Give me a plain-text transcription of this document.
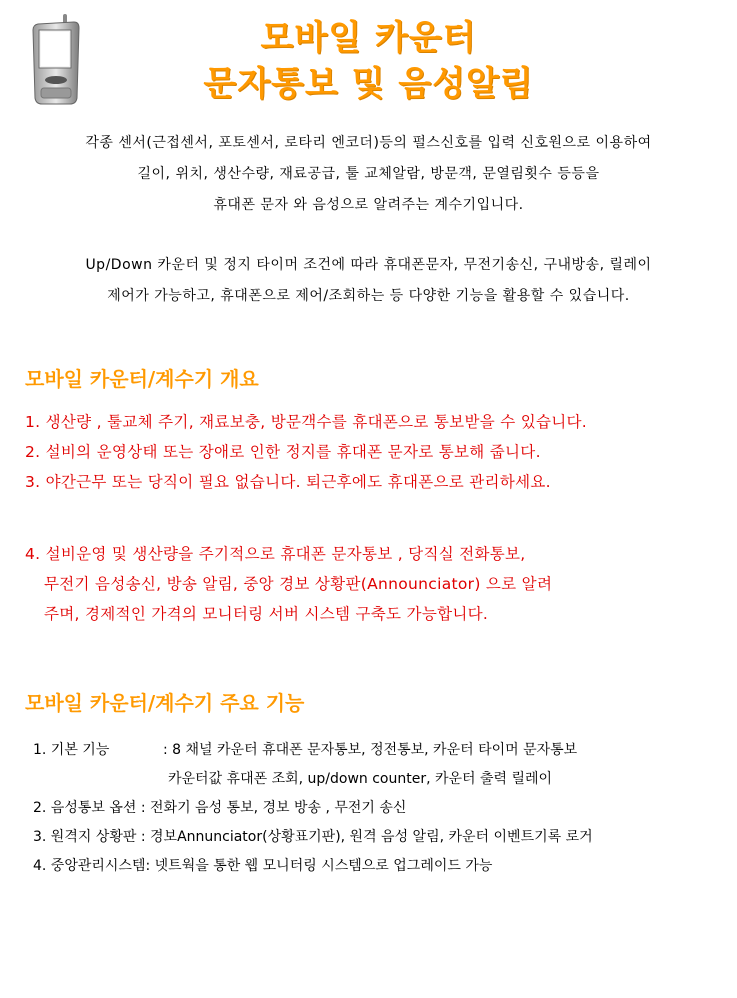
모바일 카운터
문자통보 및 음성알림
각종 센서(근접센서, 포토센서, 로타리 엔코더)등의 펄스신호를 입력 신호원으로 이용하여
길이, 위치, 생산수량, 재료공급, 툴 교체알람, 방문객, 문열림횟수 등등을
휴대폰 문자 와 음성으로 알려주는 계수기입니다.
Up/Down 카운터 및 정지 타이머 조건에 따라 휴대폰문자, 무전기송신, 구내방송, 릴레이
제어가 가능하고, 휴대폰으로 제어/조회하는 등 다양한 기능을 활용할 수 있습니다.
모바일 카운터/계수기 개요
1. 생산량 , 툴교체 주기, 재료보충, 방문객수를 휴대폰으로 통보받을 수 있습니다.
2. 설비의 운영상태 또는 장애로 인한 정지를 휴대폰 문자로 통보해 줍니다.
3. 야간근무 또는 당직이 필요 없습니다. 퇴근후에도 휴대폰으로 관리하세요.
4. 설비운영 및 생산량을 주기적으로 휴대폰 문자통보 , 당직실 전화통보,
무전기 음성송신, 방송 알림, 중앙 경보 상황판(Announciator) 으로 알려
주며, 경제적인 가격의 모니터링 서버 시스템 구축도 가능합니다.
모바일 카운터/계수기 주요 기능
1. 기본 기능	: 8 채널 카운터 휴대폰 문자통보, 정전통보, 카운터 타이머 문자통보
카운터값 휴대폰 조회, up/down counter, 카운터 출력 릴레이
2. 음성통보 옵션 : 전화기 음성 통보, 경보 방송 , 무전기 송신
3. 원격지 상황판 : 경보Annunciator(상황표기판), 원격 음성 알림, 카운터 이벤트기록 로거
4. 중앙관리시스템: 넷트웍을 통한 웹 모니터링 시스템으로 업그레이드 가능
